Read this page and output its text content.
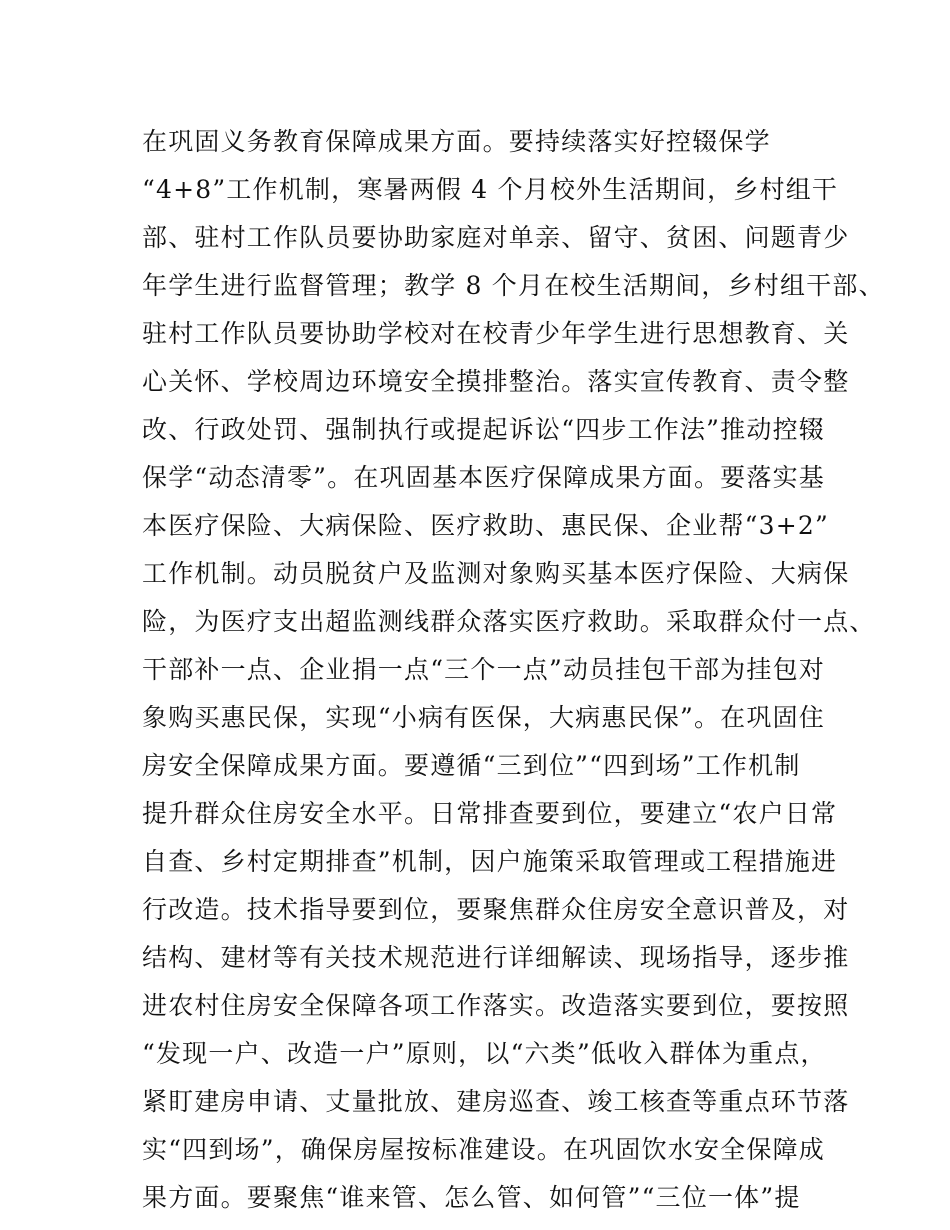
在巩固义务教育保障成果方面。要持续落实好控辍保学
“4+8”工作机制，寒暑两假 4 个月校外生活期间，乡村组干
部、驻村工作队员要协助家庭对单亲、留守、贫困、问题青少
年学生进行监督管理；教学 8 个月在校生活期间，乡村组干部、
驻村工作队员要协助学校对在校青少年学生进行思想教育、关
心关怀、学校周边环境安全摸排整治。落实宣传教育、责令整
改、行政处罚、强制执行或提起诉讼“四步工作法”推动控辍
保学“动态清零”。在巩固基本医疗保障成果方面。要落实基
本医疗保险、大病保险、医疗救助、惠民保、企业帮“3+2”
工作机制。动员脱贫户及监测对象购买基本医疗保险、大病保
险，为医疗支出超监测线群众落实医疗救助。采取群众付一点、
干部补一点、企业捐一点“三个一点”动员挂包干部为挂包对
象购买惠民保，实现“小病有医保，大病惠民保”。在巩固住
房安全保障成果方面。要遵循“三到位”“四到场”工作机制
提升群众住房安全水平。日常排查要到位，要建立“农户日常
自查、乡村定期排查”机制，因户施策采取管理或工程措施进
行改造。技术指导要到位，要聚焦群众住房安全意识普及，对
结构、建材等有关技术规范进行详细解读、现场指导，逐步推
进农村住房安全保障各项工作落实。改造落实要到位，要按照
“发现一户、改造一户”原则，以“六类”低收入群体为重点，
紧盯建房申请、丈量批放、建房巡查、竣工核查等重点环节落
实“四到场”，确保房屋按标准建设。在巩固饮水安全保障成
果方面。要聚焦“谁来管、怎么管、如何管”“三位一体”提
